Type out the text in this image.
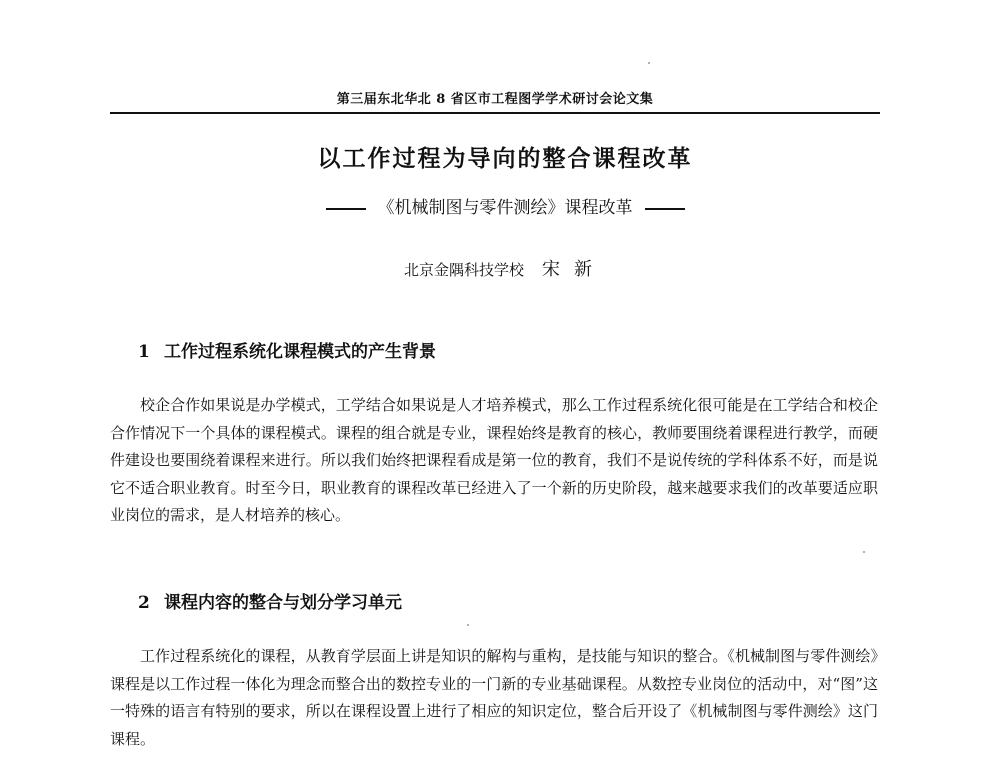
第三届东北华北 8 省区市工程图学学术研讨会论文集
以工作过程为导向的整合课程改革
《机械制图与零件测绘》课程改革
北京金隅科技学校 宋新
1 工作过程系统化课程模式的产生背景
校企合作如果说是办学模式，工学结合如果说是人才培养模式，那么工作过程系统化很可能是在工学结合和校企合作情况下一个具体的课程模式。课程的组合就是专业，课程始终是教育的核心，教师要围绕着课程进行教学，而硬件建设也要围绕着课程来进行。所以我们始终把课程看成是第一位的教育，我们不是说传统的学科体系不好，而是说它不适合职业教育。时至今日，职业教育的课程改革已经进入了一个新的历史阶段，越来越要求我们的改革要适应职业岗位的需求，是人材培养的核心。
2 课程内容的整合与划分学习单元
工作过程系统化的课程，从教育学层面上讲是知识的解构与重构，是技能与知识的整合。《机械制图与零件测绘》课程是以工作过程一体化为理念而整合出的数控专业的一门新的专业基础课程。从数控专业岗位的活动中，对“图”这一特殊的语言有特别的要求，所以在课程设置上进行了相应的知识定位，整合后开设了《机械制图与零件测绘》这门课程。
